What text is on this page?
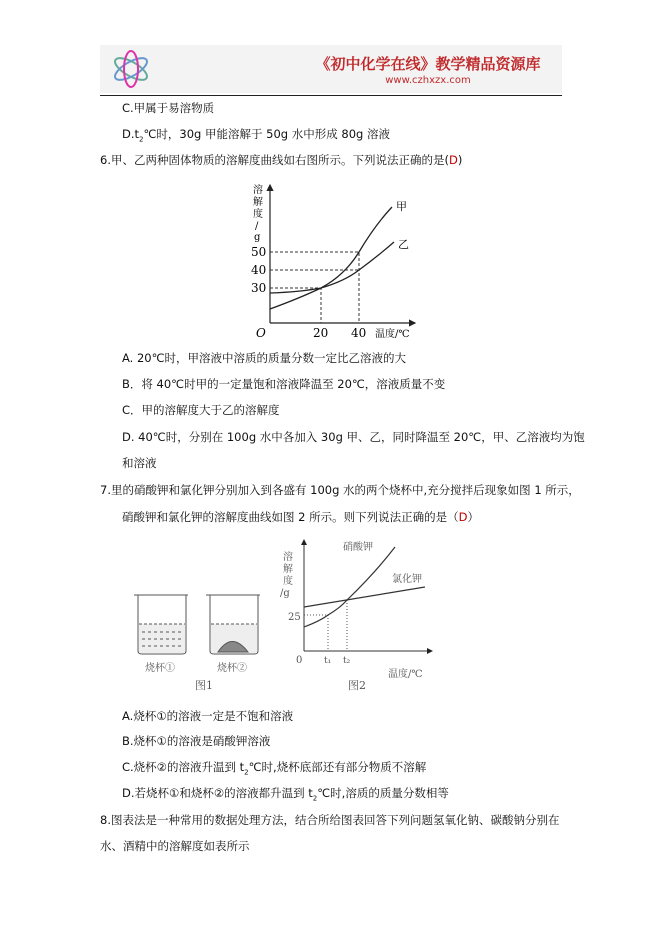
《初中化学在线》教学精品资源库
www.czhxzx.com
C.甲属于易溶物质
$D.t_2℃$时，30g 甲能溶解于 50g 水中形成 80g 溶液
6.甲、乙两种固体物质的溶解度曲线如右图所示。下列说法正确的是(D)
溶
解
度
/
g
30
40
50
O	20 40 温度/℃
甲
乙
A. 20℃时，甲溶液中溶质的质量分数一定比乙溶液的大
B．将 40℃时甲的一定量饱和溶液降温至 20℃，溶液质量不变
C．甲的溶解度大于乙的溶解度
D. 40℃时，分别在 100g 水中各加入 30g 甲、乙，同时降温至 20℃，甲、乙溶液均为饱
和溶液
7.里的硝酸钾和氯化钾分别加入到各盛有 100g 水的两个烧杯中,充分搅拌后现象如图 1 所示，
硝酸钾和氯化钾的溶解度曲线如图 2 所示。则下列说法正确的是（D）
烧杯①	烧杯②
图1
溶
解
度
/g
25
0 t₁ t₂
温度/℃
硝酸钾
氯化钾
图2
A.烧杯①的溶液一定是不饱和溶液
B.烧杯①的溶液是硝酸钾溶液
C.烧杯②的溶液升温到 $t_2℃$时,烧杯底部还有部分物质不溶解
D.若烧杯①和烧杯②的溶液都升温到 $t_2℃$时,溶质的质量分数相等
8.图表法是一种常用的数据处理方法，结合所给图表回答下列问题氢氧化钠、碳酸钠分别在
水、酒精中的溶解度如表所示
